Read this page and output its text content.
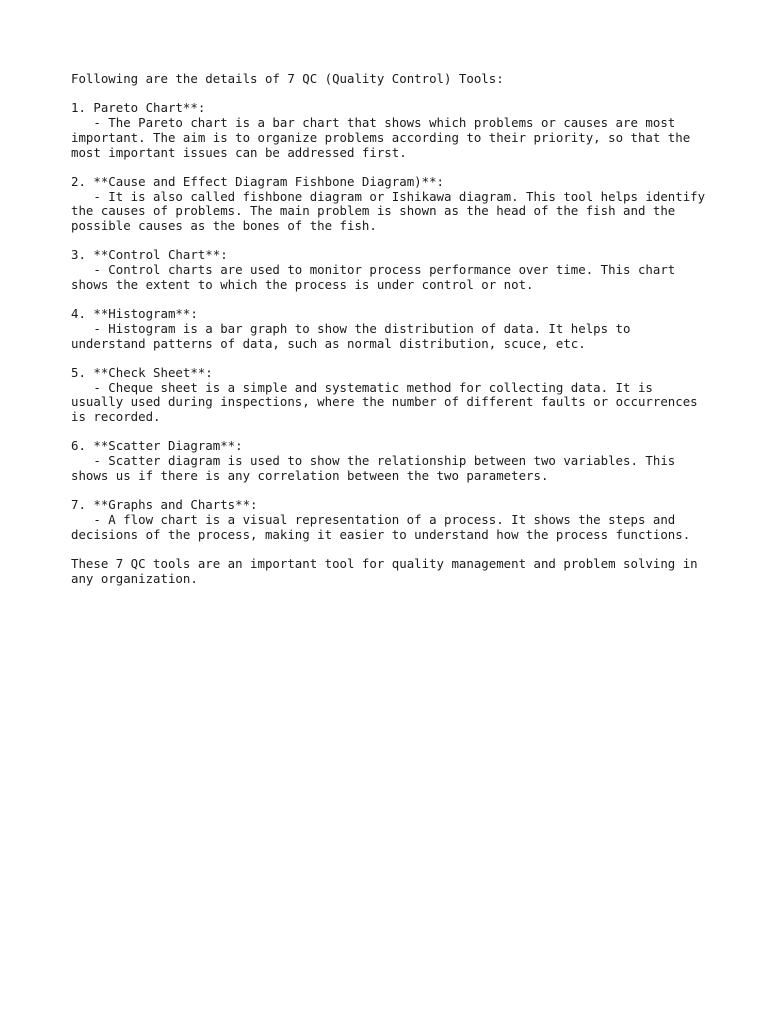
Following are the details of 7 QC (Quality Control) Tools:

1. Pareto Chart**:

- The Pareto chart is a bar chart that shows which problems or causes are most important. The aim is to organize problems according to their priority, so that the most important issues can be addressed first.

2. **Cause and Effect Diagram Fishbone Diagram)**:

- It is also called fishbone diagram or Ishikawa diagram. This tool helps identify the causes of problems. The main problem is shown as the head of the fish and the possible causes as the bones of the fish.

3. **Control Chart**:

- Control charts are used to monitor process performance over time. This chart shows the extent to which the process is under control or not.

4. **Histogram**:

- Histogram is a bar graph to show the distribution of data. It helps to understand patterns of data, such as normal distribution, scuce, etc.

5. **Check Sheet**:

- Cheque sheet is a simple and systematic method for collecting data. It is usually used during inspections, where the number of different faults or occurrences is recorded.

6. **Scatter Diagram**:

- Scatter diagram is used to show the relationship between two variables. This shows us if there is any correlation between the two parameters.

7. **Graphs and Charts**:

- A flow chart is a visual representation of a process. It shows the steps and decisions of the process, making it easier to understand how the process functions.

These 7 QC tools are an important tool for quality management and problem solving in any organization.
